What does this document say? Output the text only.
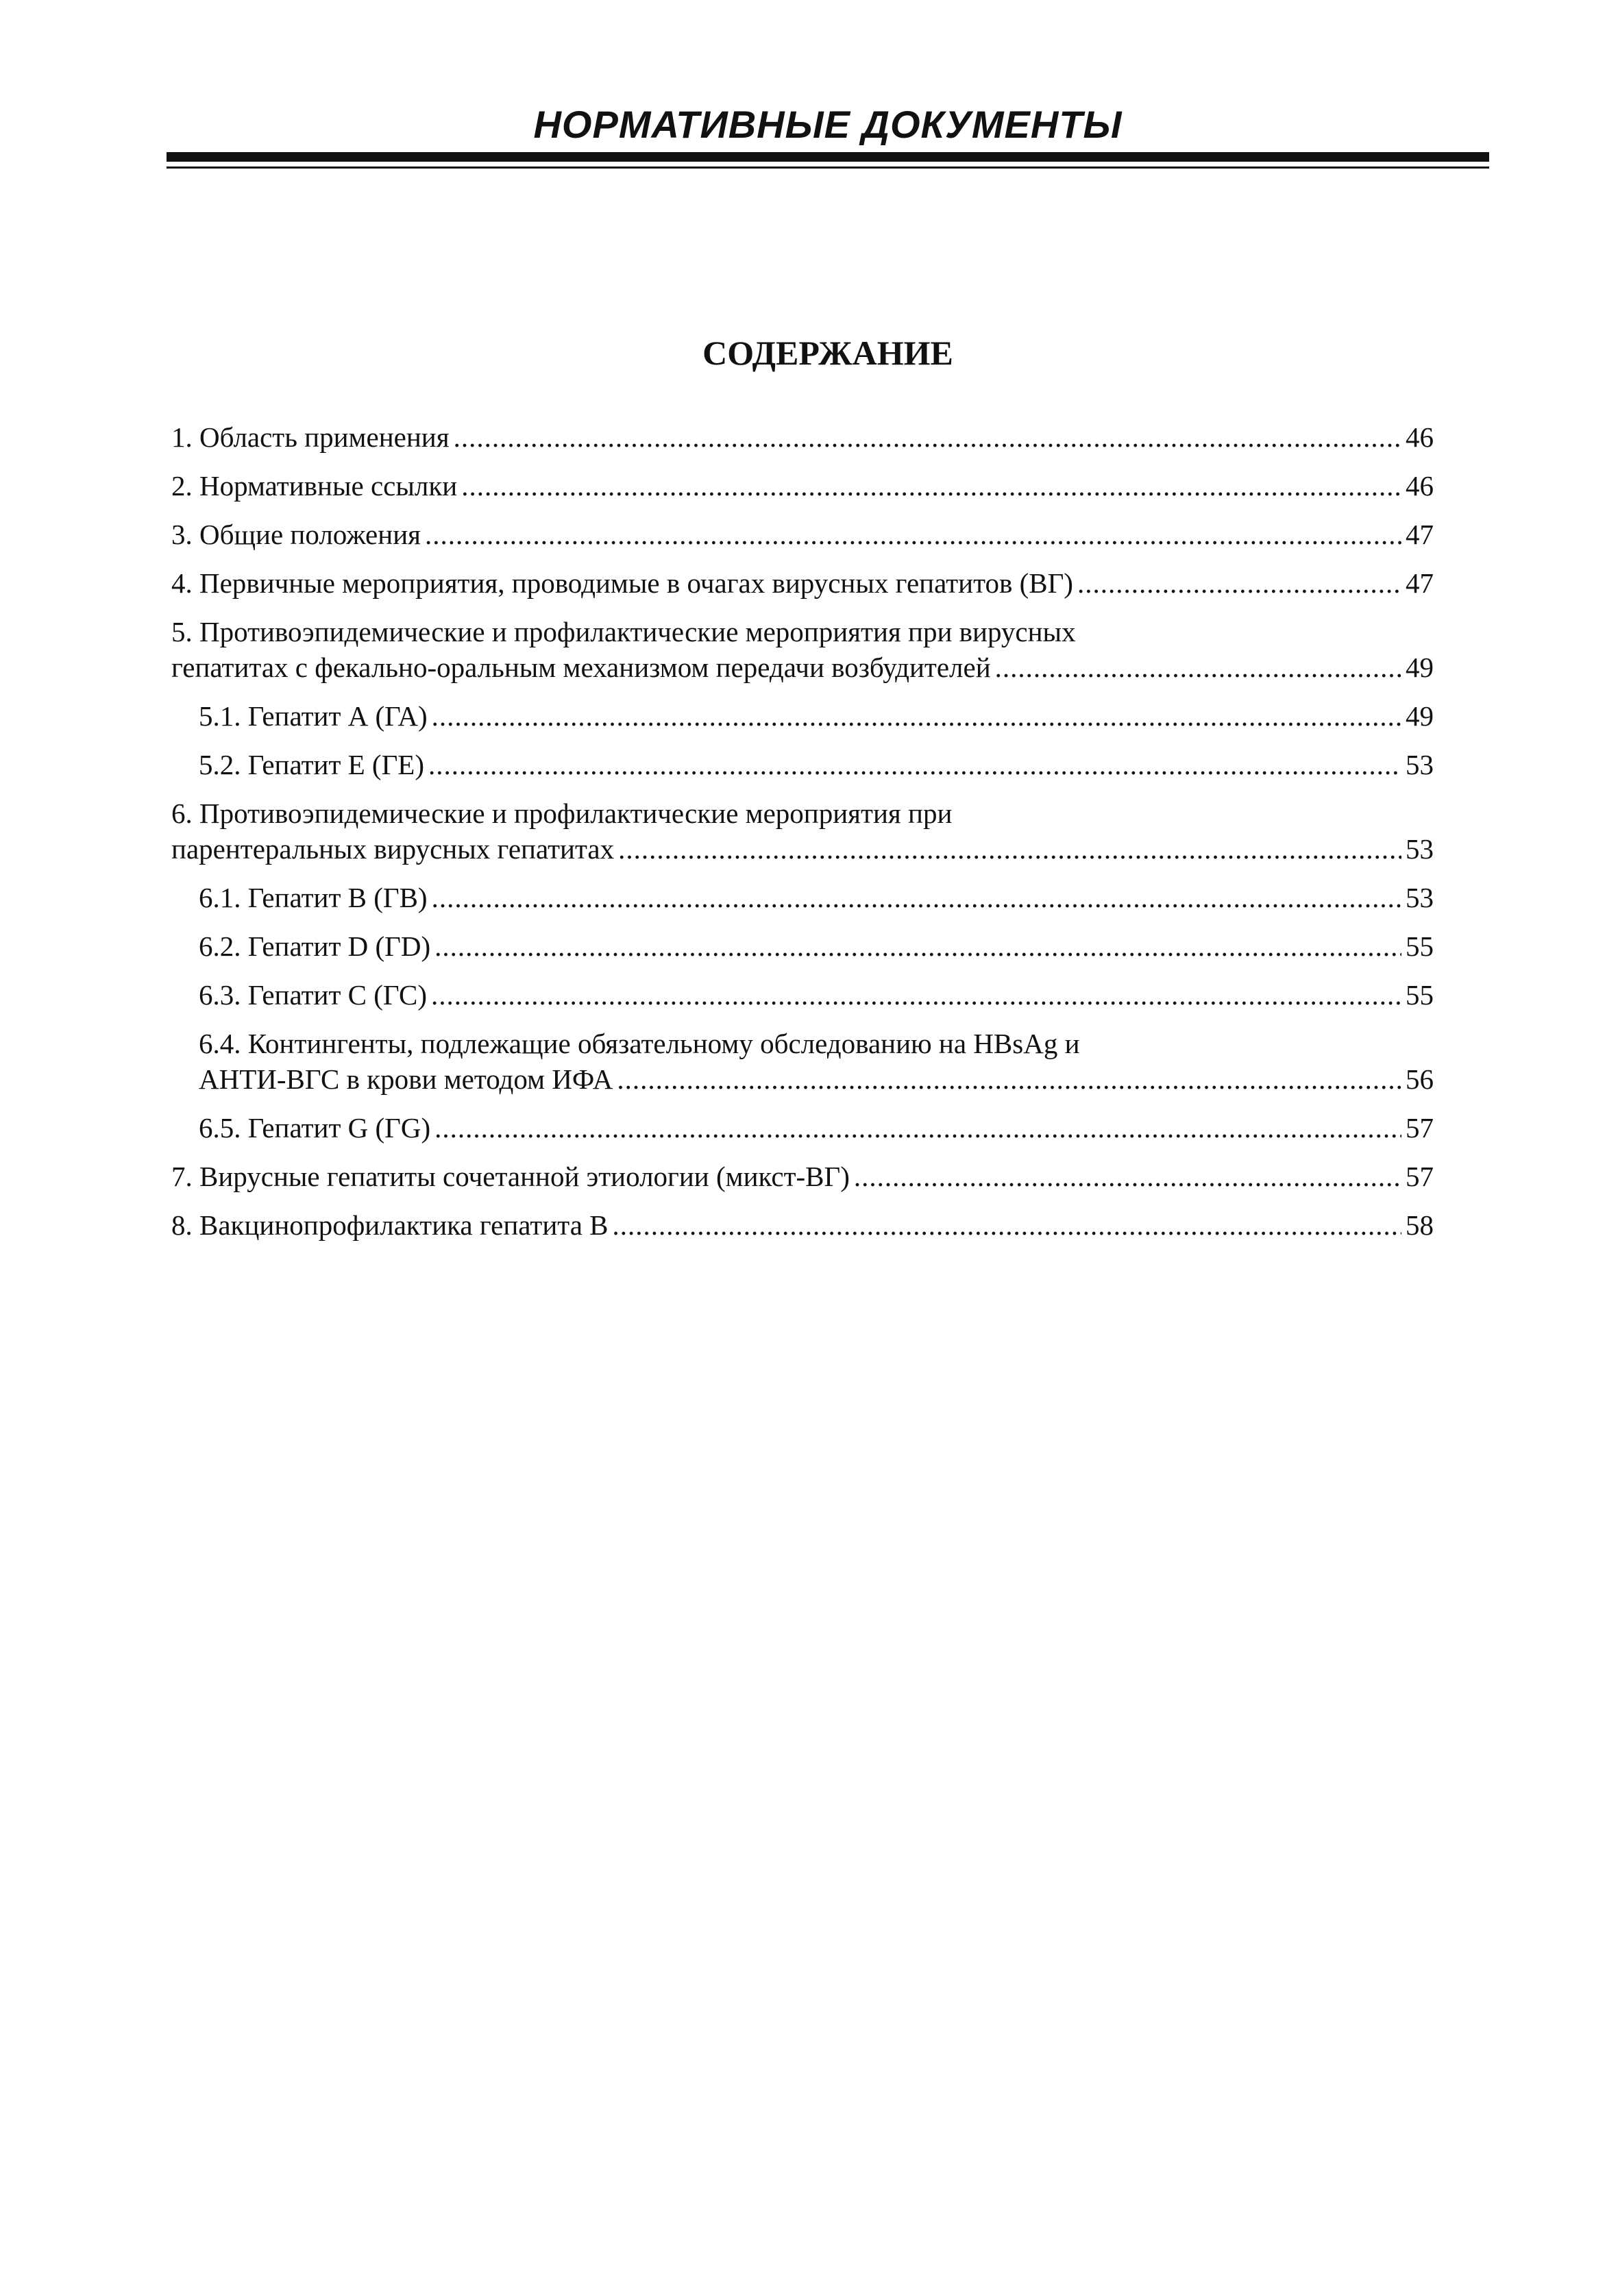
НОРМАТИВНЫЕ ДОКУМЕНТЫ
СОДЕРЖАНИЕ
1. Область применения .....	46
2. Нормативные ссылки .....	46
3. Общие положения .....	47
4. Первичные мероприятия, проводимые в очагах вирусных гепатитов (ВГ) .....	47
5. Противоэпидемические и профилактические мероприятия при вирусных
гепатитах с фекально-оральным механизмом передачи возбудителей .....	49
5.1. Гепатит А (ГА) .....	49
5.2. Гепатит Е (ГЕ) .....	53
6. Противоэпидемические и профилактические мероприятия при
парентеральных вирусных гепатитах .....	53
6.1. Гепатит В (ГВ) .....	53
6.2. Гепатит D (ГD) .....	55
6.3. Гепатит С (ГС) .....	55
6.4. Контингенты, подлежащие обязательному обследованию на HBsAg и
АНТИ-ВГС в крови методом ИФА .....	56
6.5. Гепатит G (ГG) .....	57
7. Вирусные гепатиты сочетанной этиологии (микст-ВГ) .....	57
8. Вакцинопрофилактика гепатита В .....	58
